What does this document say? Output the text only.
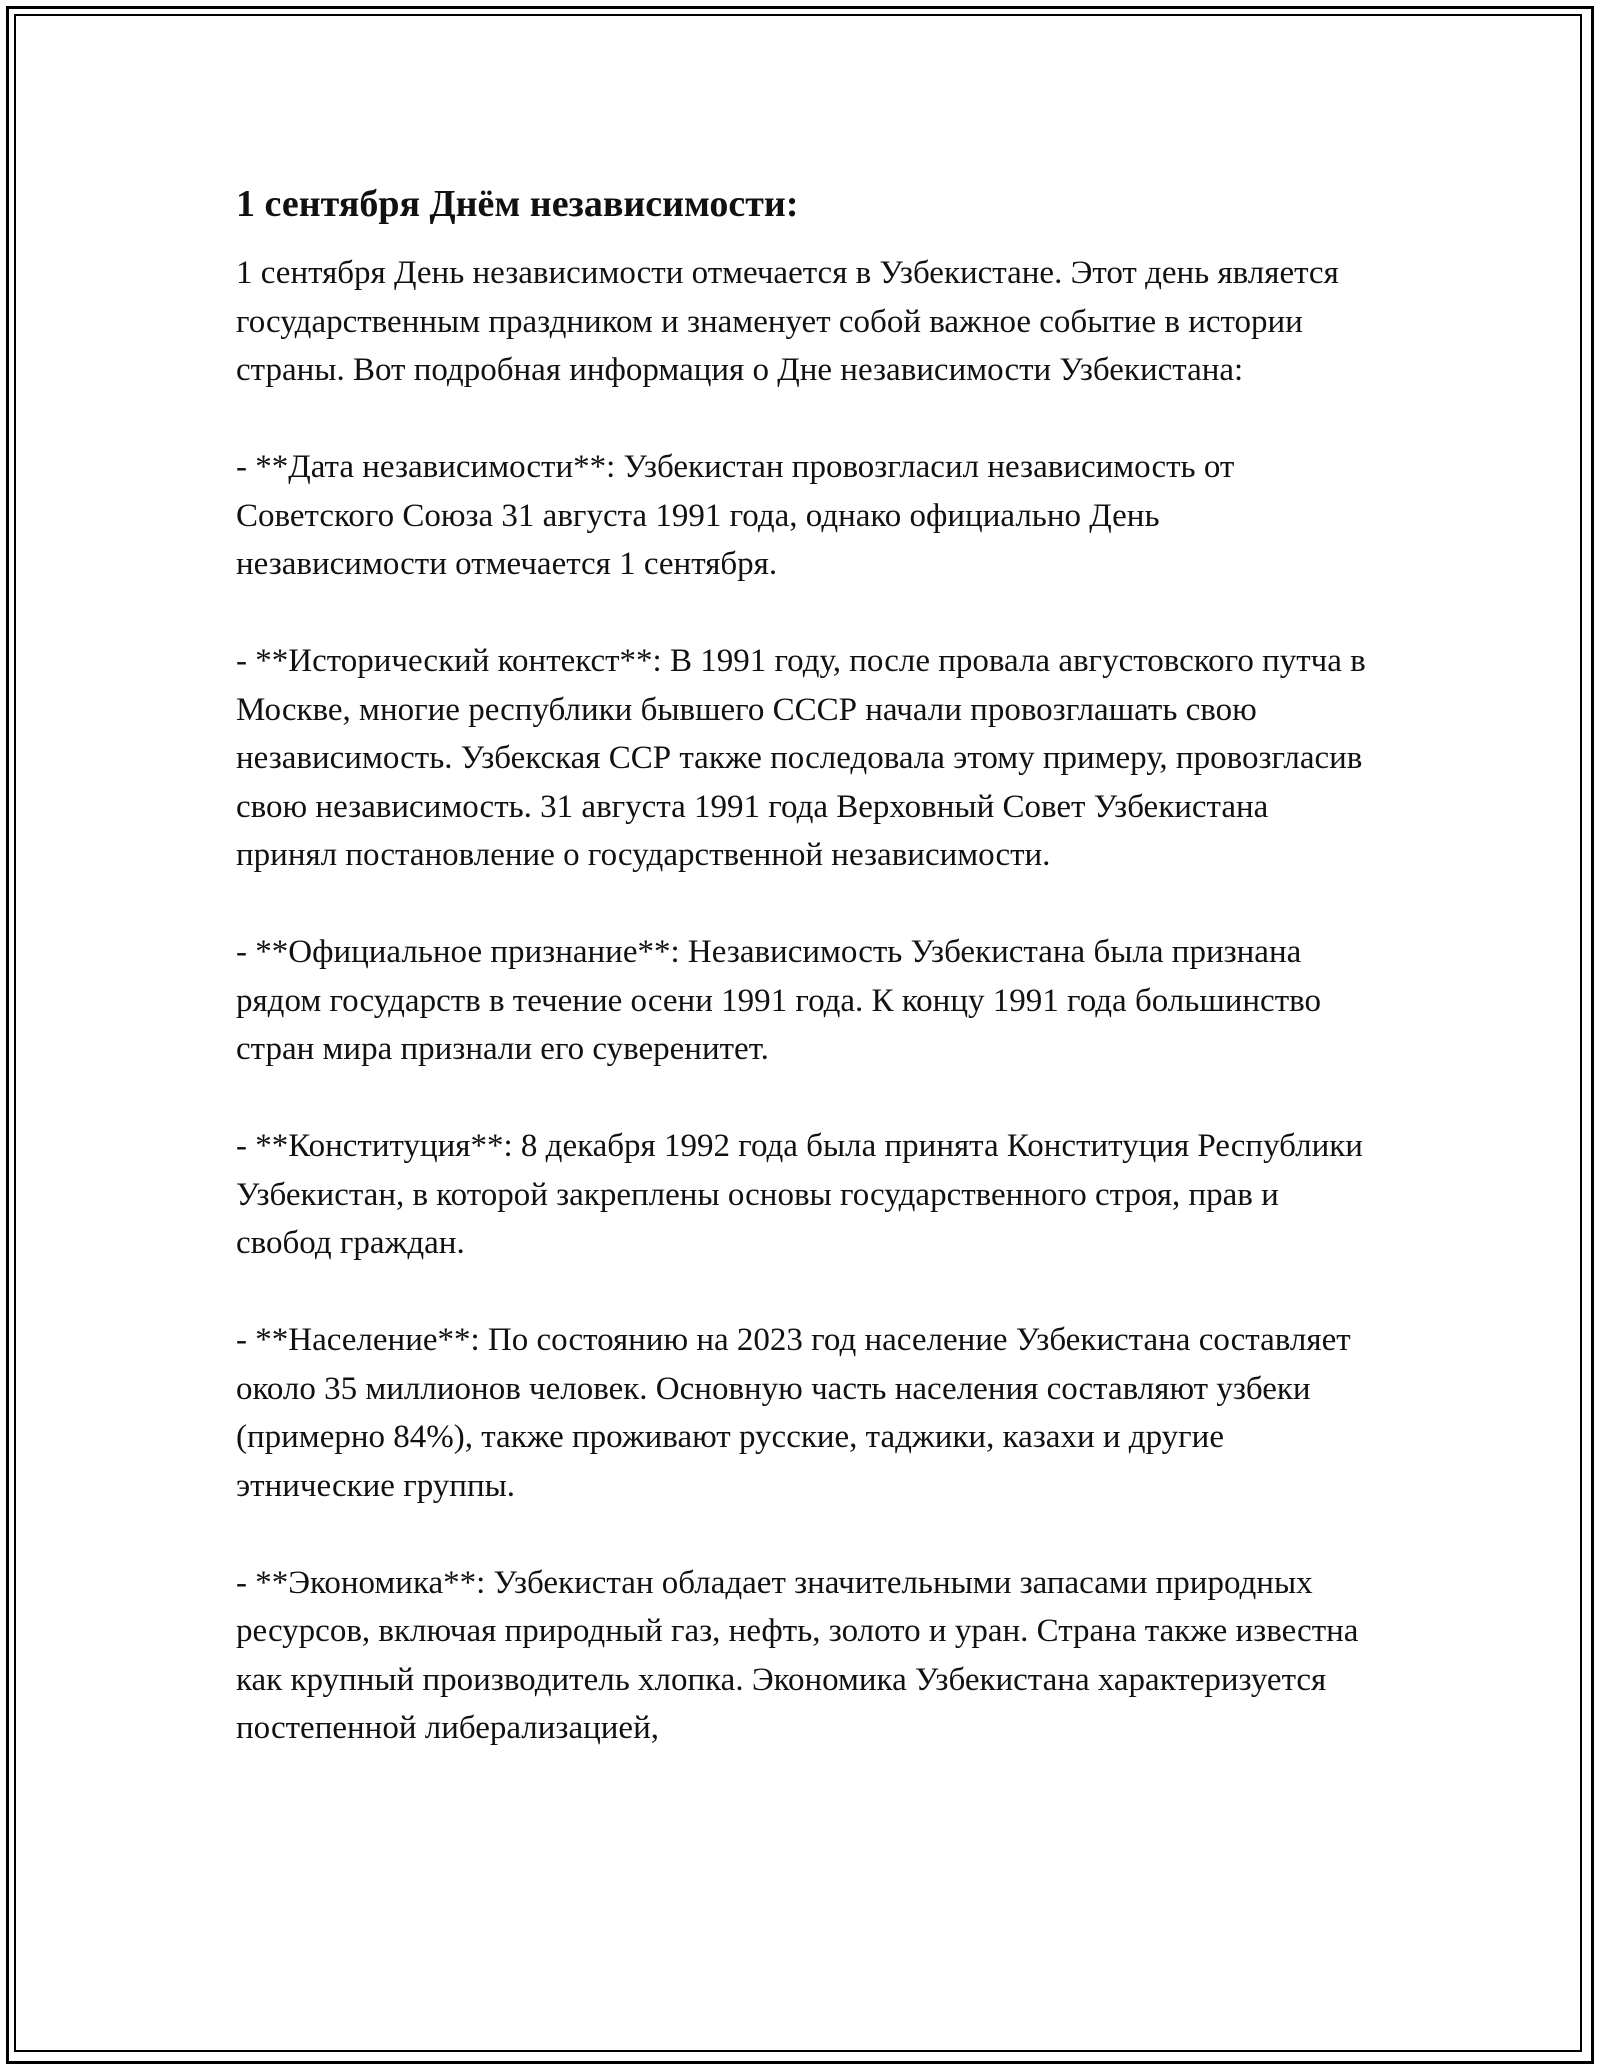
1 сентября Днём независимости:

1 сентября День независимости отмечается в Узбекистане. Этот день является государственным праздником и знаменует собой важное событие в истории страны. Вот подробная информация о Дне независимости Узбекистана:

- **Дата независимости**: Узбекистан провозгласил независимость от Советского Союза 31 августа 1991 года, однако официально День независимости отмечается 1 сентября.

- **Исторический контекст**: В 1991 году, после провала августовского путча в Москве, многие республики бывшего СССР начали провозглашать свою независимость. Узбекская ССР также последовала этому примеру, провозгласив свою независимость. 31 августа 1991 года Верховный Совет Узбекистана принял постановление о государственной независимости.

- **Официальное признание**: Независимость Узбекистана была признана рядом государств в течение осени 1991 года. К концу 1991 года большинство стран мира признали его суверенитет.

- **Конституция**: 8 декабря 1992 года была принята Конституция Республики Узбекистан, в которой закреплены основы государственного строя, прав и свобод граждан.

- **Население**: По состоянию на 2023 год население Узбекистана составляет около 35 миллионов человек. Основную часть населения составляют узбеки (примерно 84%), также проживают русские, таджики, казахи и другие этнические группы.

- **Экономика**: Узбекистан обладает значительными запасами природных ресурсов, включая природный газ, нефть, золото и уран. Страна также известна как крупный производитель хлопка. Экономика Узбекистана характеризуется постепенной либерализацией,
